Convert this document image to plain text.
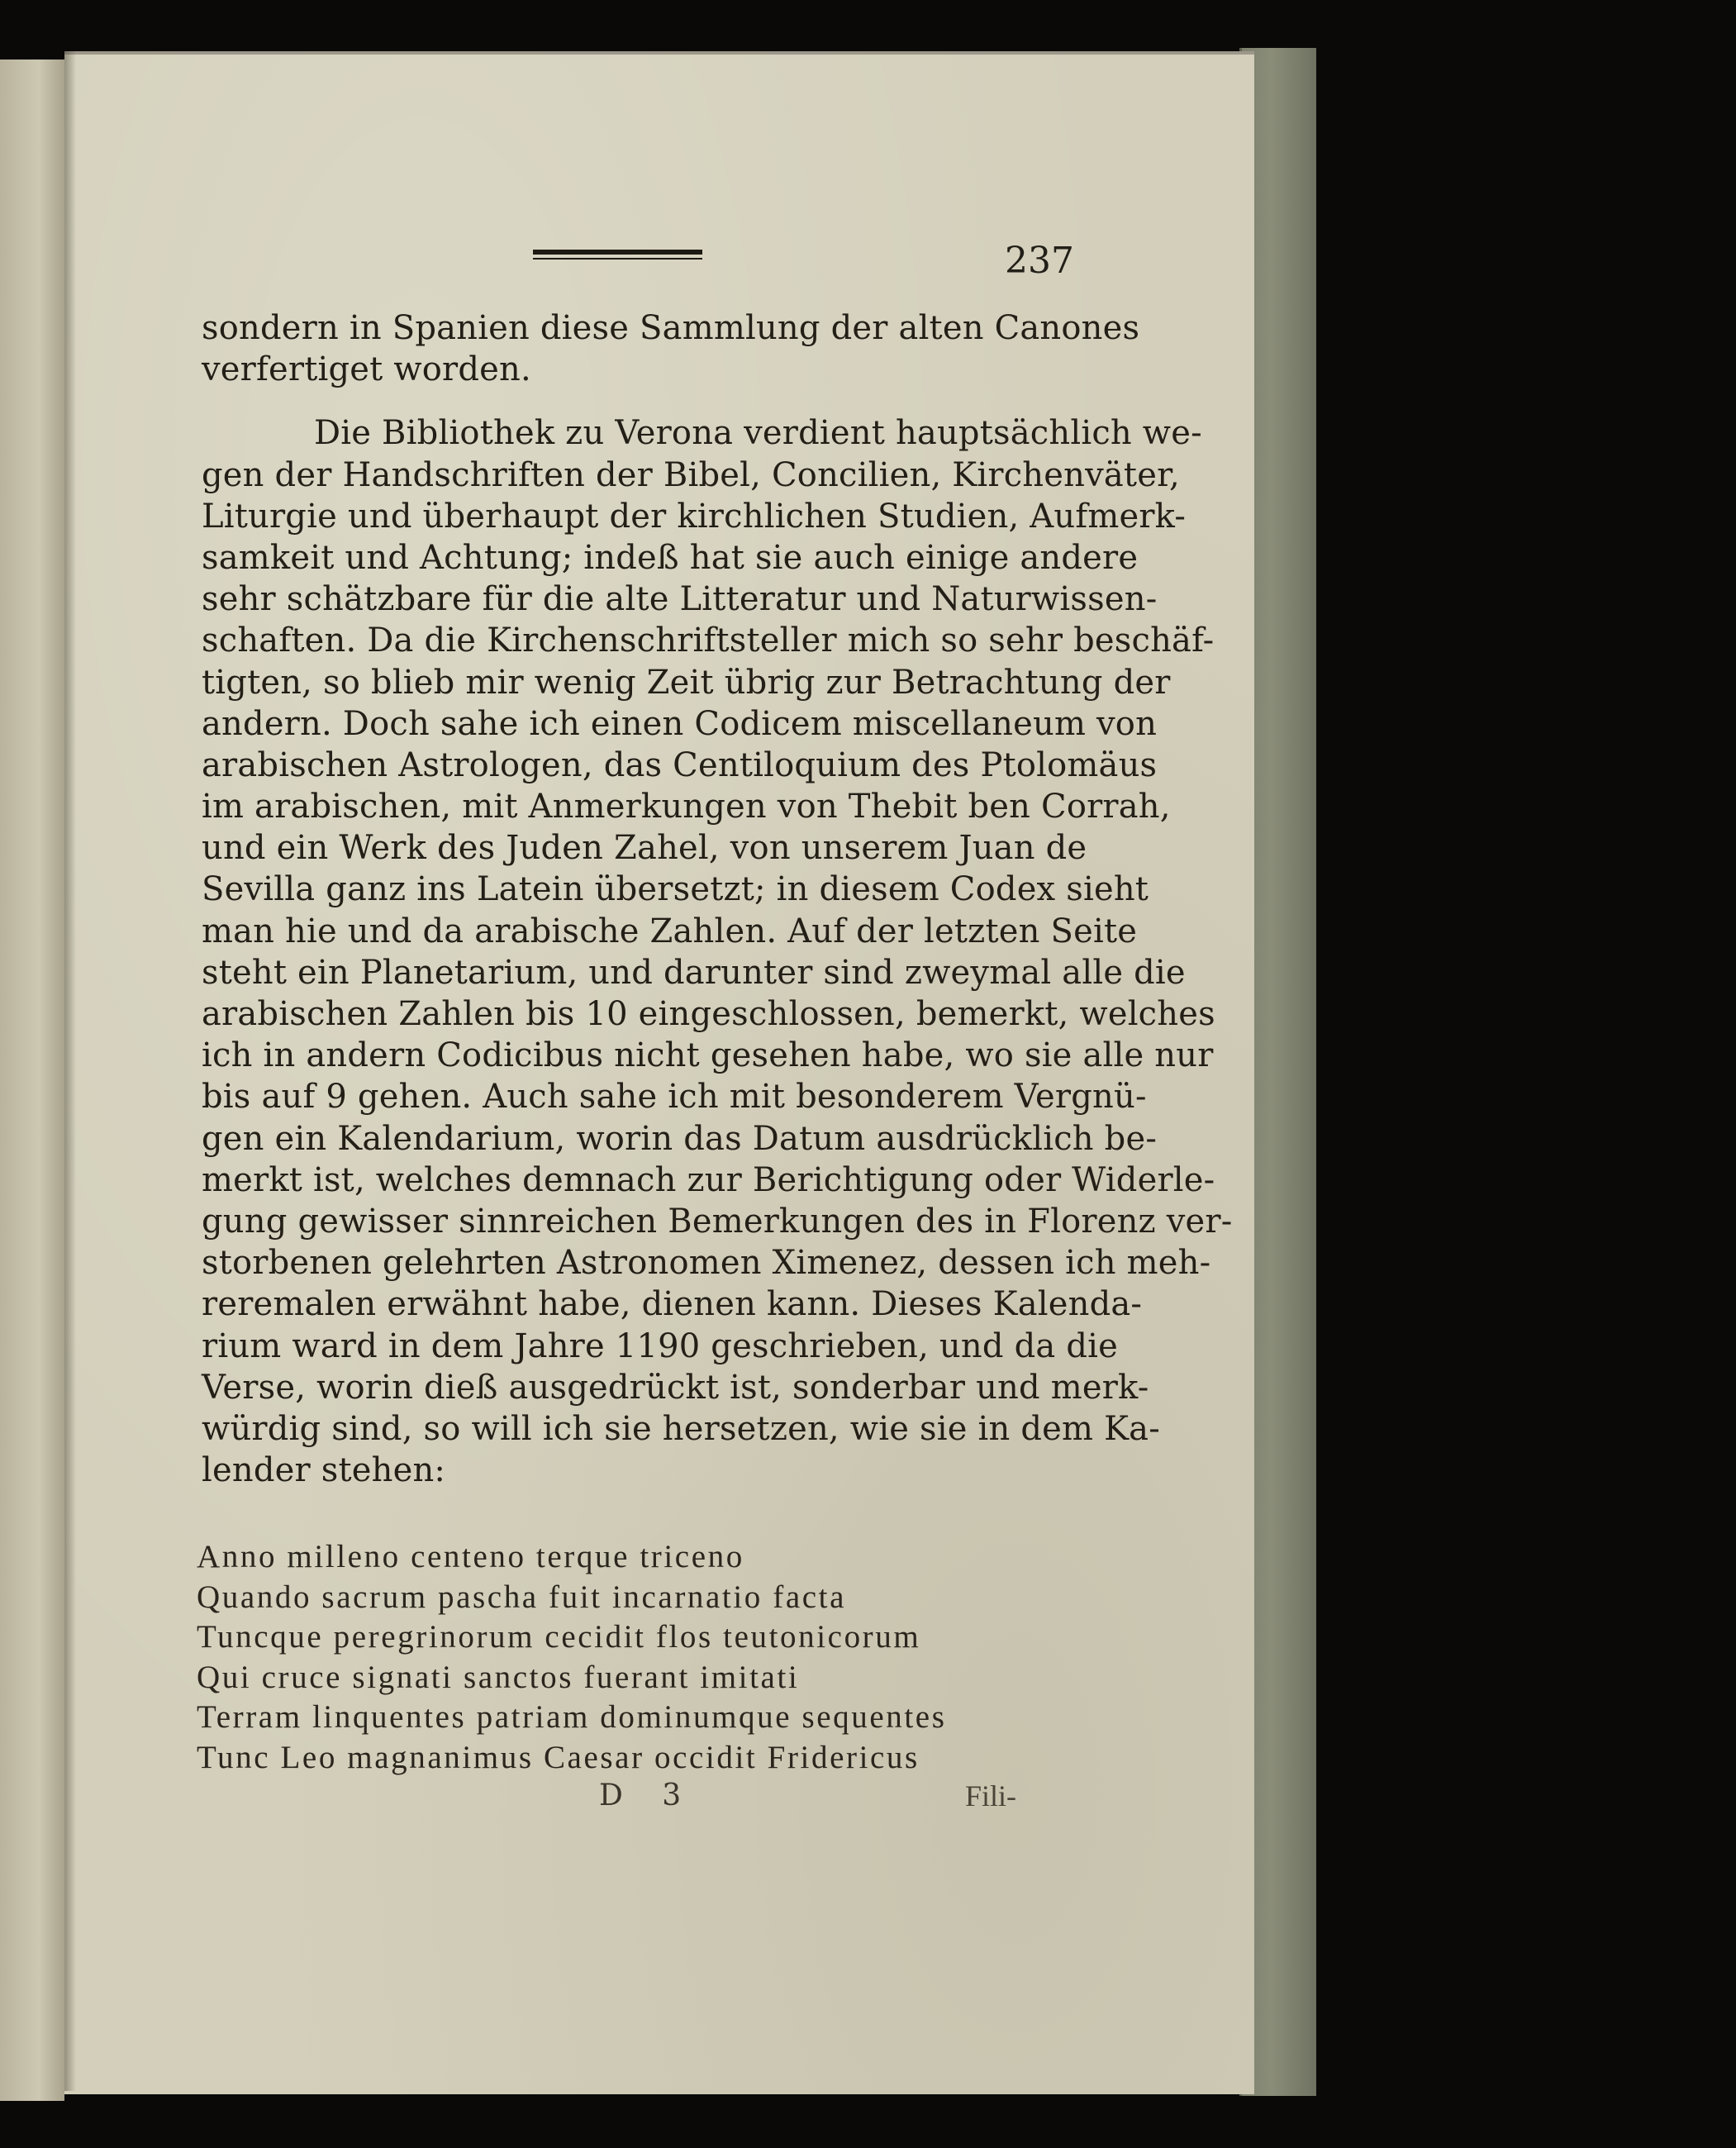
237
sondern in Spanien diese Sammlung der alten Canones
verfertiget worden.
Die Bibliothek zu Verona verdient hauptsächlich we-
gen der Handschriften der Bibel, Concilien, Kirchenväter,
Liturgie und überhaupt der kirchlichen Studien, Aufmerk-
samkeit und Achtung; indeß hat sie auch einige andere
sehr schätzbare für die alte Litteratur und Naturwissen-
schaften. Da die Kirchenschriftsteller mich so sehr beschäf-
tigten, so blieb mir wenig Zeit übrig zur Betrachtung der
andern. Doch sahe ich einen Codicem miscellaneum von
arabischen Astrologen, das Centiloquium des Ptolomäus
im arabischen, mit Anmerkungen von Thebit ben Corrah,
und ein Werk des Juden Zahel, von unserem Juan de
Sevilla ganz ins Latein übersetzt; in diesem Codex sieht
man hie und da arabische Zahlen. Auf der letzten Seite
steht ein Planetarium, und darunter sind zweymal alle die
arabischen Zahlen bis 10 eingeschlossen, bemerkt, welches
ich in andern Codicibus nicht gesehen habe, wo sie alle nur
bis auf 9 gehen. Auch sahe ich mit besonderem Vergnü-
gen ein Kalendarium, worin das Datum ausdrücklich be-
merkt ist, welches demnach zur Berichtigung oder Widerle-
gung gewisser sinnreichen Bemerkungen des in Florenz ver-
storbenen gelehrten Astronomen Ximenez, dessen ich meh-
reremalen erwähnt habe, dienen kann. Dieses Kalenda-
rium ward in dem Jahre 1190 geschrieben, und da die
Verse, worin dieß ausgedrückt ist, sonderbar und merk-
würdig sind, so will ich sie hersetzen, wie sie in dem Ka-
lender stehen:
Anno milleno centeno terque triceno
Quando sacrum pascha fuit incarnatio facta
Tuncque peregrinorum cecidit flos teutonicorum
Qui cruce signati sanctos fuerant imitati
Terram linquentes patriam dominumque sequentes
Tunc Leo magnanimus Caesar occidit Fridericus
D 3	Fili-
